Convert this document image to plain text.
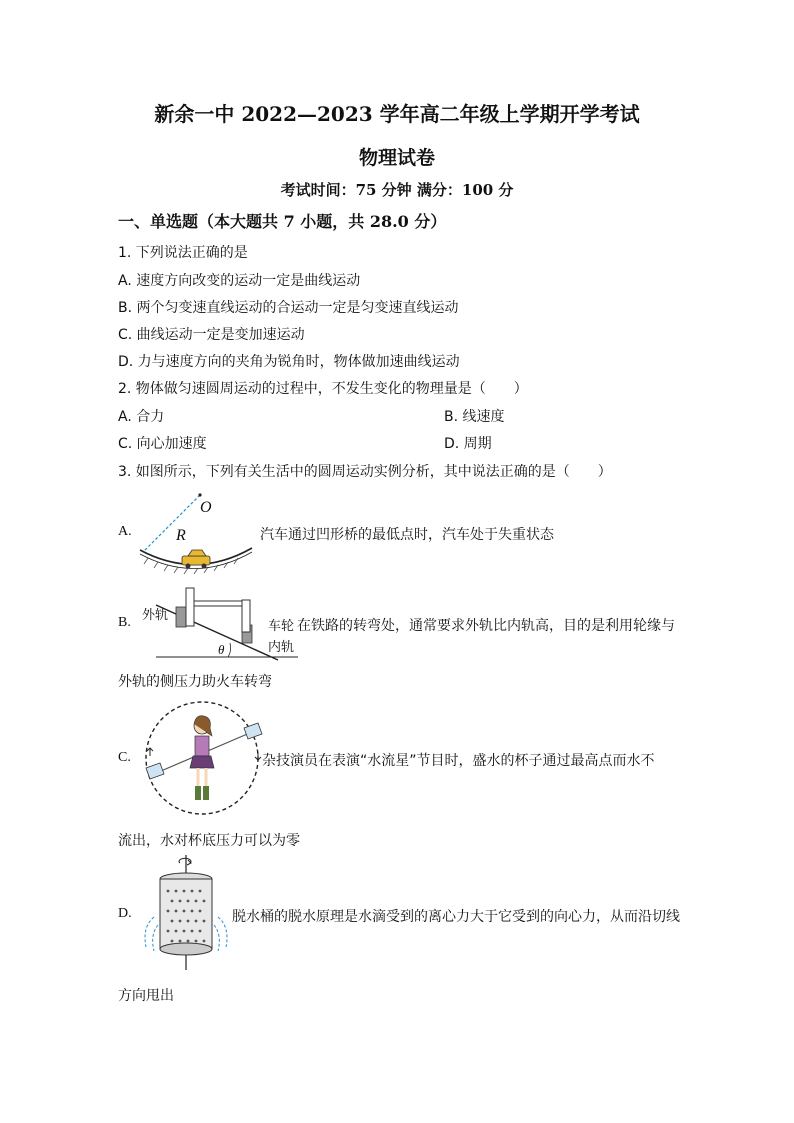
新余一中 2022—2023 学年高二年级上学期开学考试
物理试卷
考试时间：75 分钟 满分：100 分
一、单选题（本大题共 7 小题，共 28.0 分）
1. 下列说法正确的是
A. 速度方向改变的运动一定是曲线运动
B. 两个匀变速直线运动的合运动一定是匀变速直线运动
C. 曲线运动一定是变加速运动
D. 力与速度方向的夹角为锐角时，物体做加速曲线运动
2. 物体做匀速圆周运动的过程中，不发生变化的物理量是（　　）
A. 合力	B. 线速度
C. 向心加速度	D. 周期
3. 如图所示，下列有关生活中的圆周运动实例分析，其中说法正确的是（　　）
A.
O
R	汽车通过凹形桥的最低点时，汽车处于失重状态
B.
θ
外轨
车轮
内轨
在铁路的转弯处，通常要求外轨比内轨高，目的是利用轮缘与
外轨的侧压力助火车转弯
C.	杂技演员在表演“水流星”节目时，盛水的杯子通过最高点而水不
流出，水对杯底压力可以为零
D.	脱水桶的脱水原理是水滴受到的离心力大于它受到的向心力，从而沿切线
方向甩出
